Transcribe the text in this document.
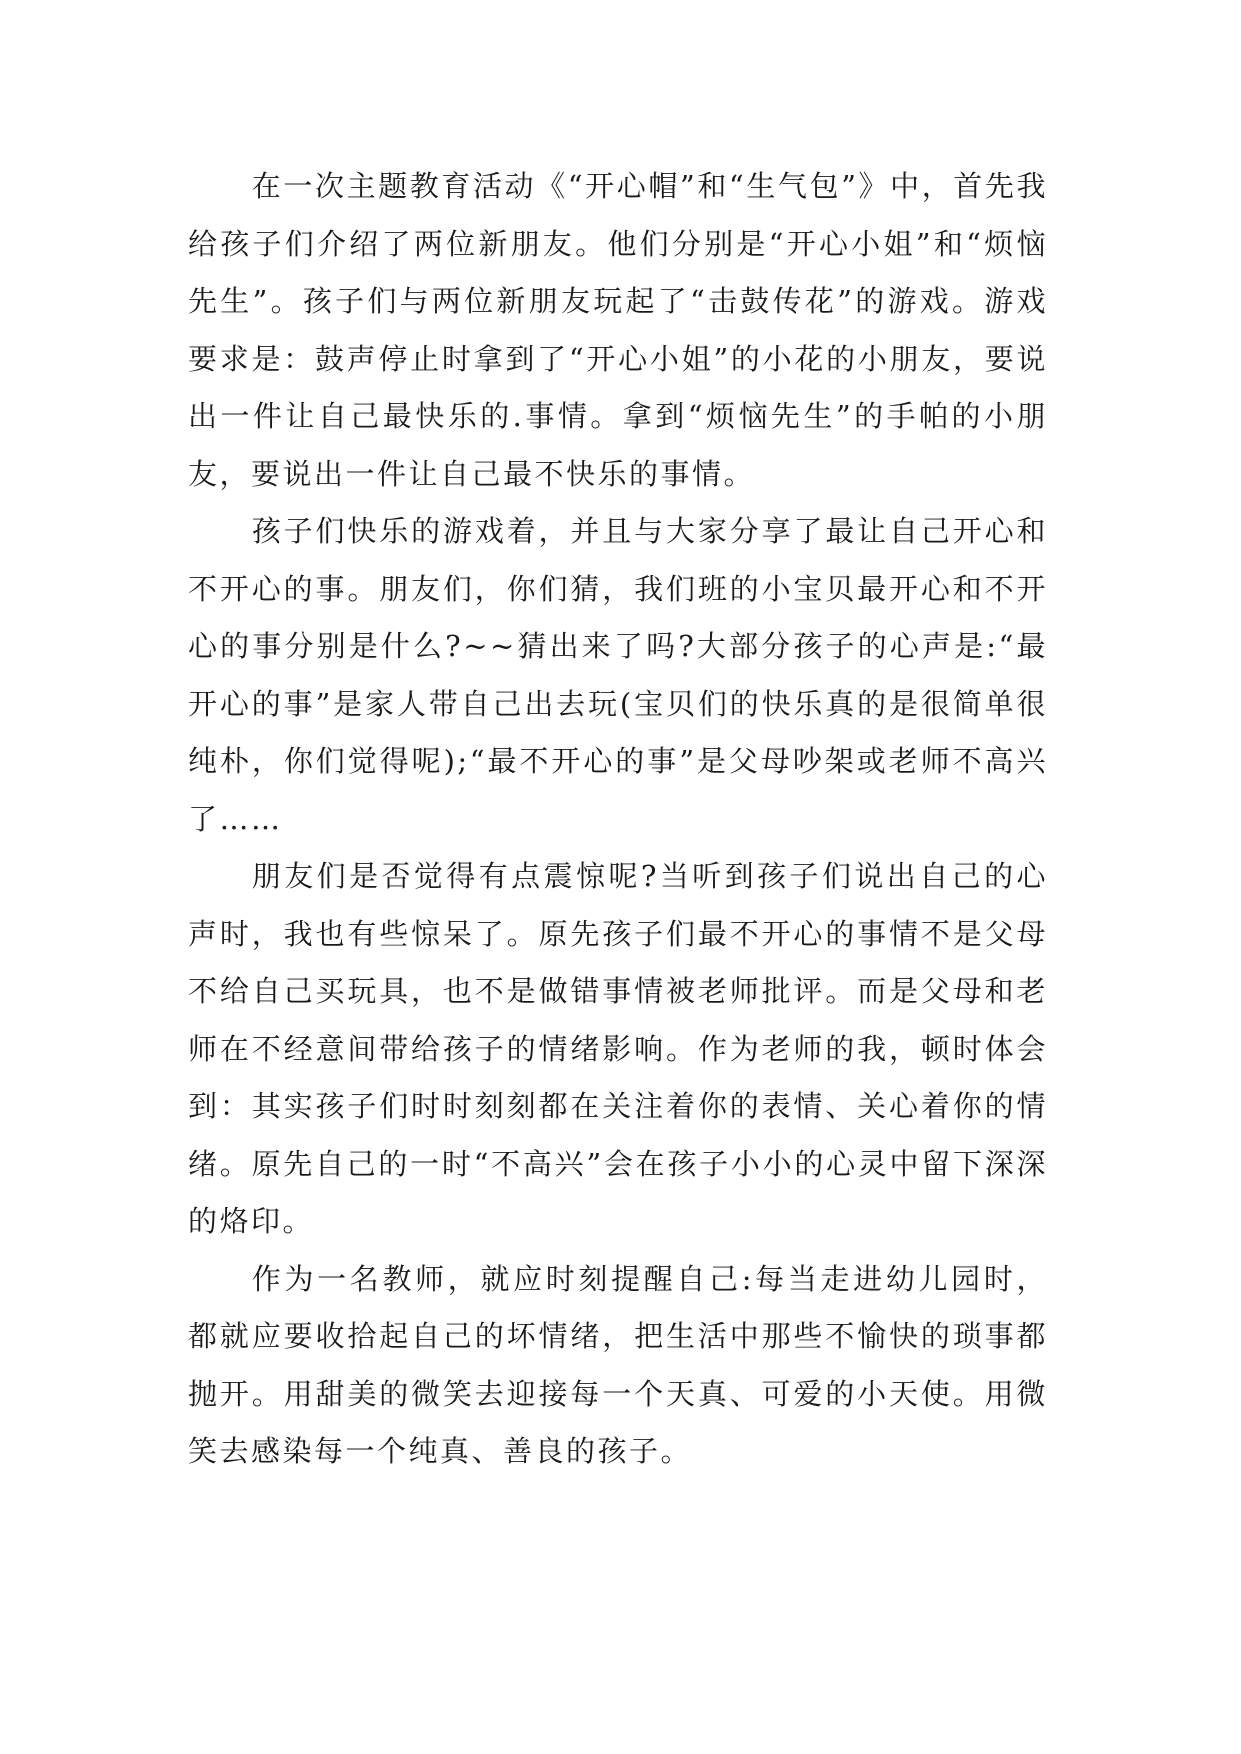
在一次主题教育活动《“开心帽”和“生气包”》中，首先我给孩子们介绍了两位新朋友。他们分别是“开心小姐”和“烦恼先生”。孩子们与两位新朋友玩起了“击鼓传花”的游戏。游戏要求是：鼓声停止时拿到了“开心小姐”的小花的小朋友，要说出一件让自己最快乐的.事情。拿到“烦恼先生”的手帕的小朋友，要说出一件让自己最不快乐的事情。

孩子们快乐的游戏着，并且与大家分享了最让自己开心和不开心的事。朋友们，你们猜，我们班的小宝贝最开心和不开心的事分别是什么?~~猜出来了吗?大部分孩子的心声是:“最开心的事”是家人带自己出去玩(宝贝们的快乐真的是很简单很纯朴，你们觉得呢);“最不开心的事”是父母吵架或老师不高兴了……

朋友们是否觉得有点震惊呢?当听到孩子们说出自己的心声时，我也有些惊呆了。原先孩子们最不开心的事情不是父母不给自己买玩具，也不是做错事情被老师批评。而是父母和老师在不经意间带给孩子的情绪影响。作为老师的我，顿时体会到：其实孩子们时时刻刻都在关注着你的表情、关心着你的情绪。原先自己的一时“不高兴”会在孩子小小的心灵中留下深深的烙印。

作为一名教师，就应时刻提醒自己:每当走进幼儿园时，都就应要收拾起自己的坏情绪，把生活中那些不愉快的琐事都抛开。用甜美的微笑去迎接每一个天真、可爱的小天使。用微笑去感染每一个纯真、善良的孩子。
